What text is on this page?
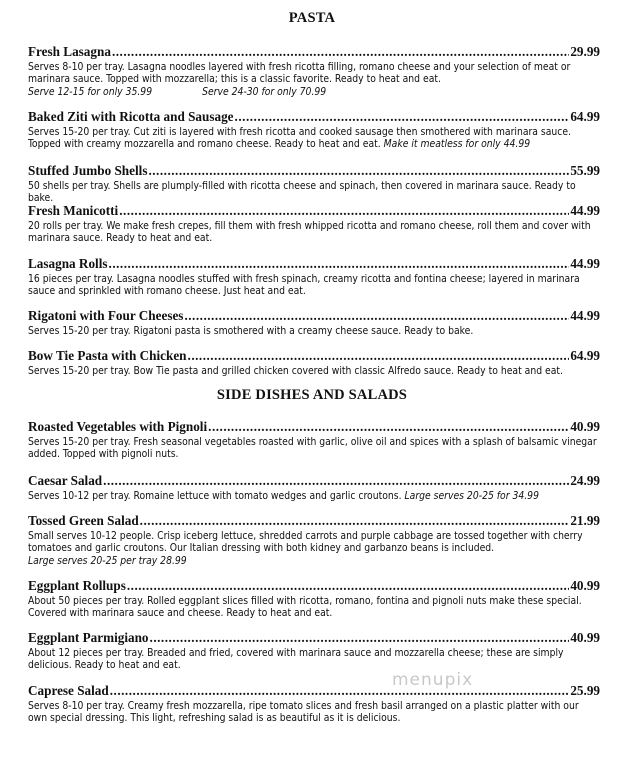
PASTA
Fresh Lasagna .....	29.99
Serves 8-10 per tray. Lasagna noodles layered with fresh ricotta filling, romano cheese and your selection of meat or marinara sauce. Topped with mozzarella; this is a classic favorite. Ready to heat and eat.
Serve 12-15 for only 35.99	Serve 24-30 for only 70.99
Baked Ziti with Ricotta and Sausage .....	64.99
Serves 15-20 per tray. Cut ziti is layered with fresh ricotta and cooked sausage then smothered with marinara sauce. Topped with creamy mozzarella and romano cheese. Ready to heat and eat. Make it meatless for only 44.99
Stuffed Jumbo Shells .....	55.99
50 shells per tray. Shells are plumply-filled with ricotta cheese and spinach, then covered in marinara sauce. Ready to bake.
Fresh Manicotti .....	44.99
20 rolls per tray. We make fresh crepes, fill them with fresh whipped ricotta and romano cheese, roll them and cover with marinara sauce. Ready to heat and eat.
Lasagna Rolls .....	44.99
16 pieces per tray. Lasagna noodles stuffed with fresh spinach, creamy ricotta and fontina cheese; layered in marinara sauce and sprinkled with romano cheese. Just heat and eat.
Rigatoni with Four Cheeses .....	44.99
Serves 15-20 per tray. Rigatoni pasta is smothered with a creamy cheese sauce. Ready to bake.
Bow Tie Pasta with Chicken .....	64.99
Serves 15-20 per tray. Bow Tie pasta and grilled chicken covered with classic Alfredo sauce. Ready to heat and eat.
SIDE DISHES AND SALADS
Roasted Vegetables with Pignoli .....	40.99
Serves 15-20 per tray. Fresh seasonal vegetables roasted with garlic, olive oil and spices with a splash of balsamic vinegar added. Topped with pignoli nuts.
Caesar Salad .....	24.99
Serves 10-12 per tray. Romaine lettuce with tomato wedges and garlic croutons. Large serves 20-25 for 34.99
Tossed Green Salad .....	21.99
Small serves 10-12 people. Crisp iceberg lettuce, shredded carrots and purple cabbage are tossed together with cherry tomatoes and garlic croutons. Our Italian dressing with both kidney and garbanzo beans is included.
Large serves 20-25 per tray 28.99
Eggplant Rollups .....	40.99
About 50 pieces per tray. Rolled eggplant slices filled with ricotta, romano, fontina and pignoli nuts make these special. Covered with marinara sauce and cheese. Ready to heat and eat.
Eggplant Parmigiano .....	40.99
About 12 pieces per tray. Breaded and fried, covered with marinara sauce and mozzarella cheese; these are simply delicious. Ready to heat and eat.
Caprese Salad .....	25.99
Serves 8-10 per tray. Creamy fresh mozzarella, ripe tomato slices and fresh basil arranged on a plastic platter with our own special dressing. This light, refreshing salad is as beautiful as it is delicious.
menupix
